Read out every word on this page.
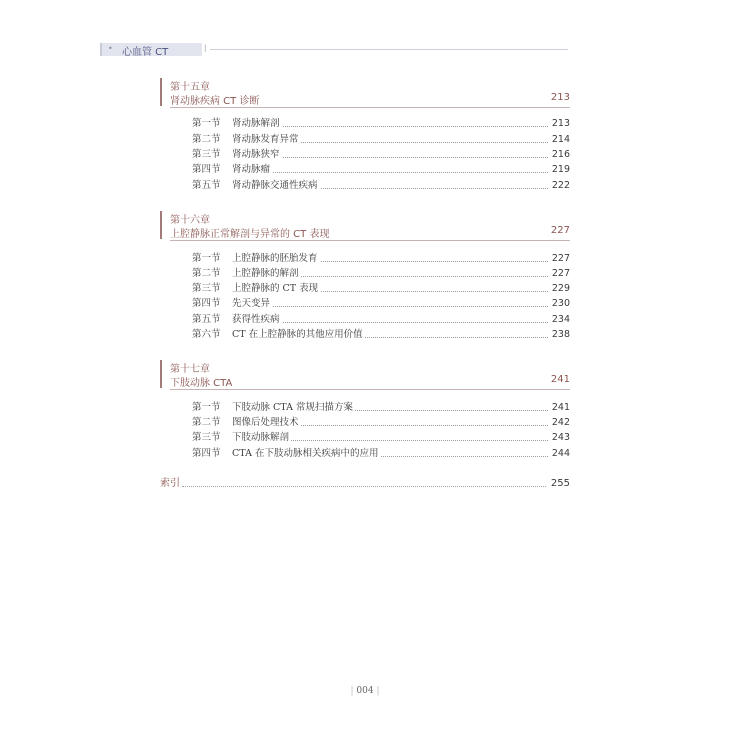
• 心血管 CT	|
第十五章
肾动脉疾病 CT 诊断	213
第一节	肾动脉解剖	213
第二节	肾动脉发育异常	214
第三节	肾动脉狭窄	216
第四节	肾动脉瘤	219
第五节	肾动静脉交通性疾病	222
第十六章
上腔静脉正常解剖与异常的 CT 表现	227
第一节	上腔静脉的胚胎发育	227
第二节	上腔静脉的解剖	227
第三节	上腔静脉的 CT 表现	229
第四节	先天变异	230
第五节	获得性疾病	234
第六节	CT 在上腔静脉的其他应用价值	238
第十七章
下肢动脉 CTA	241
第一节	下肢动脉 CTA 常规扫描方案	241
第二节	图像后处理技术	242
第三节	下肢动脉解剖	243
第四节	CTA 在下肢动脉相关疾病中的应用	244
索引	255
| 004 |
